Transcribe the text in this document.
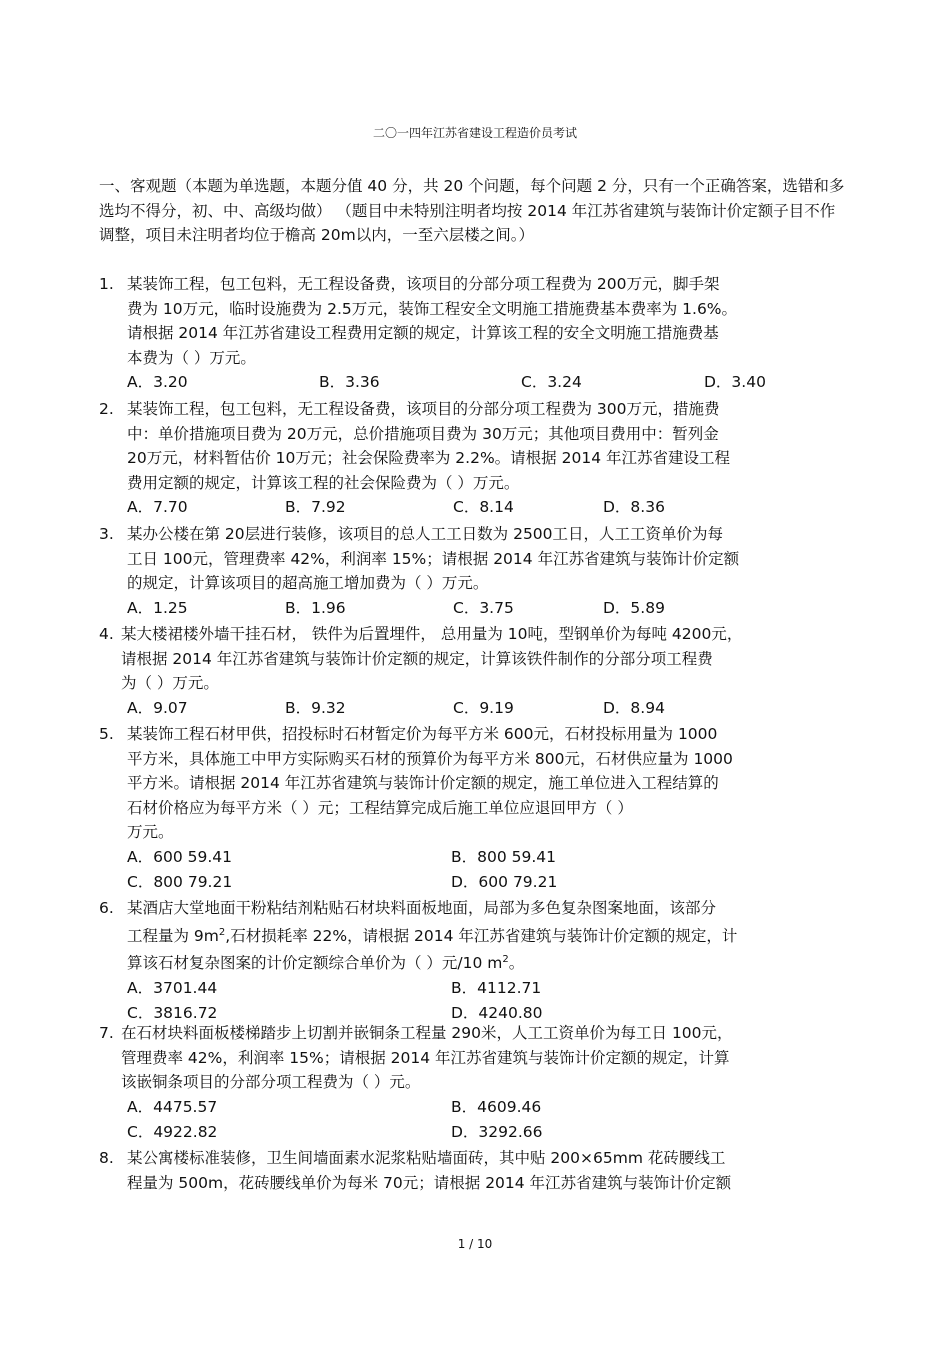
二〇一四年江苏省建设工程造价员考试
一、客观题（本题为单选题，本题分值 40 分，共 20 个问题，每个问题 2 分，只有一个正确答案，选错和多选均不得分，初、中、高级均做） （题目中未特别注明者均按 2014 年江苏省建筑与装饰计价定额子目不作调整，项目未注明者均位于檐高 20m以内，一至六层楼之间。）
1. 某装饰工程，包工包料，无工程设备费，该项目的分部分项工程费为 200万元，脚手架
费为 10万元，临时设施费为 2.5万元，装饰工程安全文明施工措施费基本费率为 1.6%。
请根据 2014 年江苏省建设工程费用定额的规定，计算该工程的安全文明施工措施费基
本费为（ ）万元。
A．3.20	B．3.36	C．3.24	D．3.40
2. 某装饰工程，包工包料，无工程设备费，该项目的分部分项工程费为 300万元，措施费
中：单价措施项目费为 20万元，总价措施项目费为 30万元；其他项目费用中：暂列金
20万元，材料暂估价 10万元；社会保险费率为 2.2%。请根据 2014 年江苏省建设工程
费用定额的规定，计算该工程的社会保险费为（ ）万元。
A．7.70	B．7.92	C．8.14	D．8.36
3. 某办公楼在第 20层进行装修，该项目的总人工工日数为 2500工日，人工工资单价为每
工日 100元，管理费率 42%，利润率 15%；请根据 2014 年江苏省建筑与装饰计价定额
的规定，计算该项目的超高施工增加费为（ ）万元。
A．1.25	B．1.96	C．3.75	D．5.89
4. 某大楼裙楼外墙干挂石材， 铁件为后置埋件， 总用量为 10吨，型钢单价为每吨 4200元，
请根据 2014 年江苏省建筑与装饰计价定额的规定，计算该铁件制作的分部分项工程费
为（ ）万元。
A．9.07	B．9.32	C．9.19	D．8.94
5. 某装饰工程石材甲供，招投标时石材暂定价为每平方米 600元，石材投标用量为 1000
平方米，具体施工中甲方实际购买石材的预算价为每平方米 800元，石材供应量为 1000
平方米。请根据 2014 年江苏省建筑与装饰计价定额的规定，施工单位进入工程结算的
石材价格应为每平方米（ ）元；工程结算完成后施工单位应退回甲方（ ）
万元。
A．600 59.41	B．800 59.41
C．800 79.21	D．600 79.21
6. 某酒店大堂地面干粉粘结剂粘贴石材块料面板地面，局部为多色复杂图案地面，该部分
工程量为 $9m^2$,石材损耗率 22%，请根据 2014 年江苏省建筑与装饰计价定额的规定，计
算该石材复杂图案的计价定额综合单价为（ ）元/10 $m^2$。
A．3701.44	B．4112.71
C．3816.72	D．4240.80
7. 在石材块料面板楼梯踏步上切割并嵌铜条工程量 290米，人工工资单价为每工日 100元，
管理费率 42%，利润率 15%；请根据 2014 年江苏省建筑与装饰计价定额的规定，计算
该嵌铜条项目的分部分项工程费为（ ）元。
A．4475.57	B．4609.46
C．4922.82	D．3292.66
8. 某公寓楼标准装修，卫生间墙面素水泥浆粘贴墙面砖，其中贴 200×65mm 花砖腰线工
程量为 500m，花砖腰线单价为每米 70元；请根据 2014 年江苏省建筑与装饰计价定额
1 / 10
